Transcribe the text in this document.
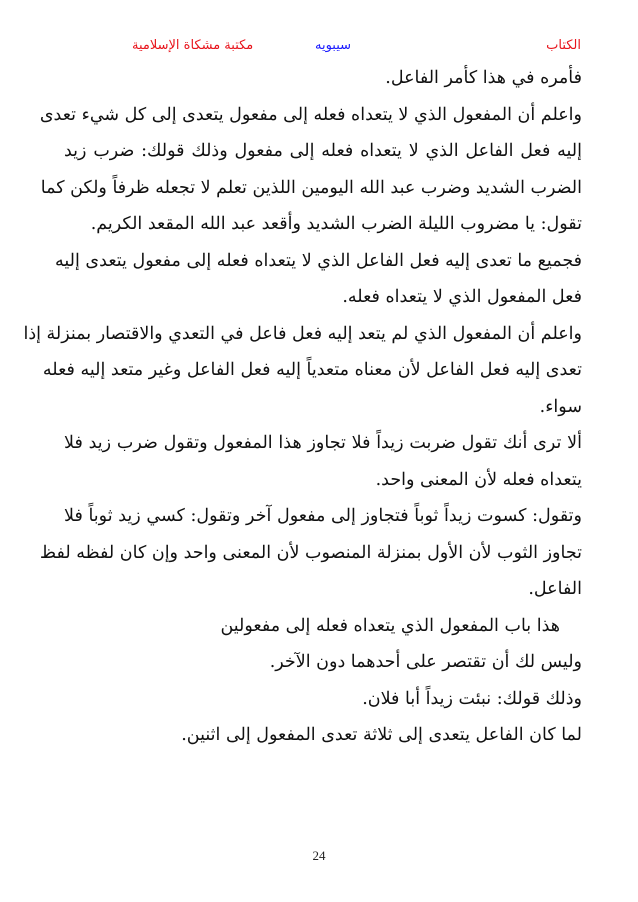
الكتاب
سيبويه
مكتبة مشكاة الإسلامية
فأمره في هذا كأمر الفاعل.
واعلم أن المفعول الذي لا يتعداه فعله إلى مفعول يتعدى إلى كل شيء تعدى
إليه فعل الفاعل الذي لا يتعداه فعله إلى مفعول وذلك قولك: ضرب زيد
الضرب الشديد وضرب عبد الله اليومين اللذين تعلم لا تجعله ظرفاً ولكن كما
تقول: يا مضروب الليلة الضرب الشديد وأقعد عبد الله المقعد الكريم.
فجميع ما تعدى إليه فعل الفاعل الذي لا يتعداه فعله إلى مفعول يتعدى إليه
فعل المفعول الذي لا يتعداه فعله.
واعلم أن المفعول الذي لم يتعد إليه فعل فاعل في التعدي والاقتصار بمنزلة إذا
تعدى إليه فعل الفاعل لأن معناه متعدياً إليه فعل الفاعل وغير متعد إليه فعله
سواء.
ألا ترى أنك تقول ضربت زيداً فلا تجاوز هذا المفعول وتقول ضرب زيد فلا
يتعداه فعله لأن المعنى واحد.
وتقول: كسوت زيداً ثوباً فتجاوز إلى مفعول آخر وتقول: كسي زيد ثوباً فلا
تجاوز الثوب لأن الأول بمنزلة المنصوب لأن المعنى واحد وإن كان لفظه لفظ
الفاعل.
هذا باب المفعول الذي يتعداه فعله إلى مفعولين
وليس لك أن تقتصر على أحدهما دون الآخر.
وذلك قولك: نبئت زيداً أبا فلان.
لما كان الفاعل يتعدى إلى ثلاثة تعدى المفعول إلى اثنين.
24
